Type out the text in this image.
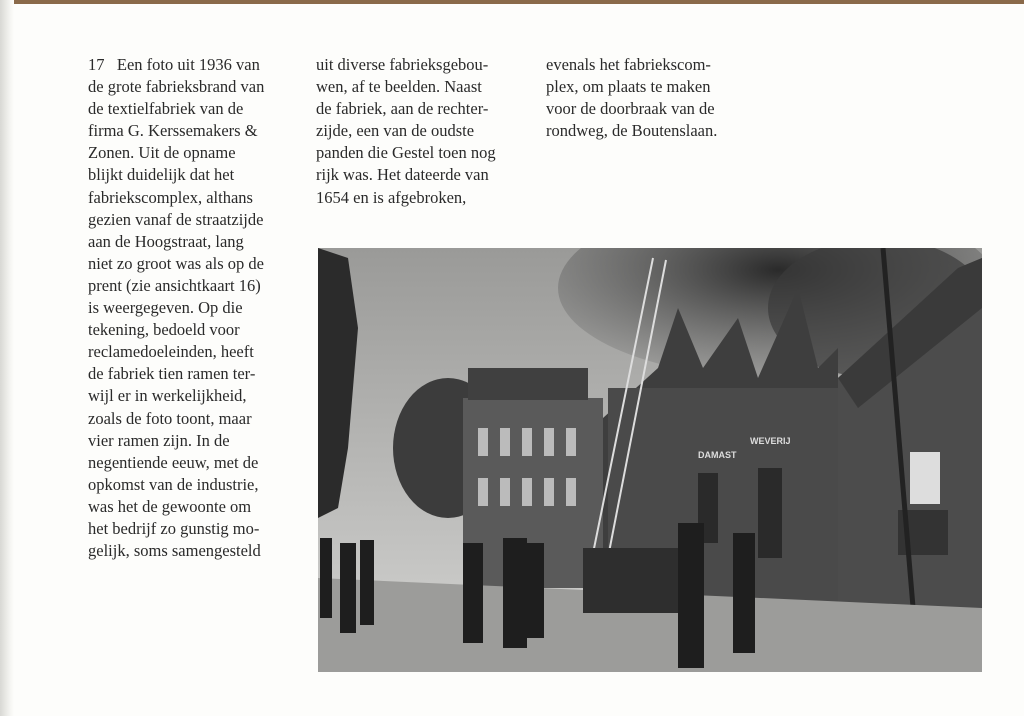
17   Een foto uit 1936 van
de grote fabrieksbrand van
de textielfabriek van de
firma G. Kerssemakers &
Zonen. Uit de opname
blijkt duidelijk dat het
fabriekscomplex, althans
gezien vanaf de straatzijde
aan de Hoogstraat, lang
niet zo groot was als op de
prent (zie ansichtkaart 16)
is weergegeven. Op die
tekening, bedoeld voor
reclamedoeleinden, heeft
de fabriek tien ramen ter-
wijl er in werkelijkheid,
zoals de foto toont, maar
vier ramen zijn. In de
negentiende eeuw, met de
opkomst van de industrie,
was het de gewoonte om
het bedrijf zo gunstig mo-
gelijk, soms samengesteld
uit diverse fabrieksgebou-
wen, af te beelden. Naast
de fabriek, aan de rechter-
zijde, een van de oudste
panden die Gestel toen nog
rijk was. Het dateerde van
1654 en is afgebroken,
evenals het fabriekscom-
plex, om plaats te maken
voor de doorbraak van de
rondweg, de Boutenslaan.
WEVERIJ
DAMAST
